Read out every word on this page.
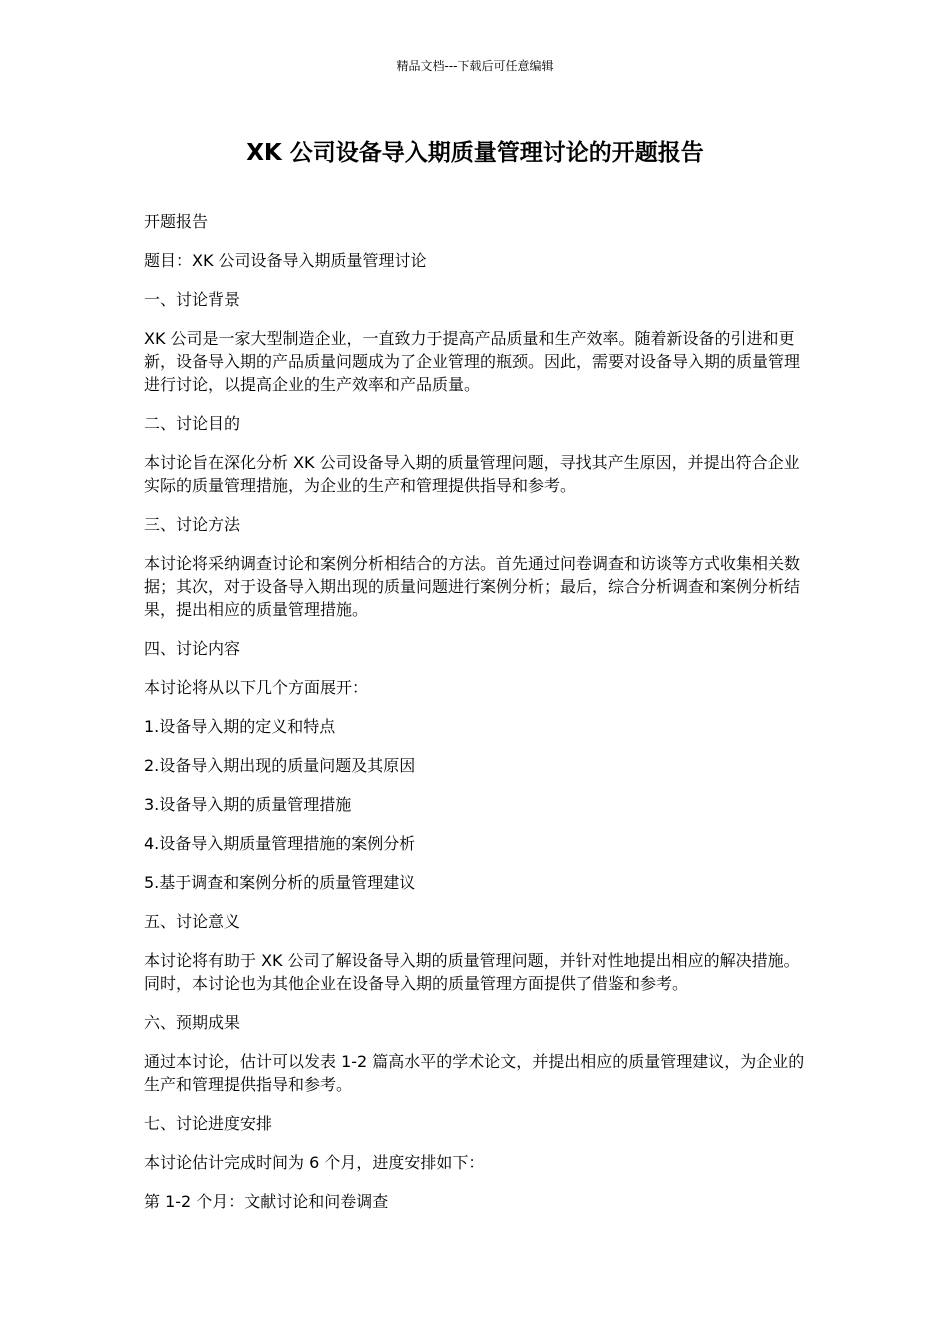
精品文档---下载后可任意编辑
XK 公司设备导入期质量管理讨论的开题报告

开题报告

题目：XK 公司设备导入期质量管理讨论

一、讨论背景

XK 公司是一家大型制造企业，一直致力于提高产品质量和生产效率。随着新设备的引进和更新，设备导入期的产品质量问题成为了企业管理的瓶颈。因此，需要对设备导入期的质量管理进行讨论，以提高企业的生产效率和产品质量。

二、讨论目的

本讨论旨在深化分析 XK 公司设备导入期的质量管理问题，寻找其产生原因，并提出符合企业实际的质量管理措施，为企业的生产和管理提供指导和参考。

三、讨论方法

本讨论将采纳调查讨论和案例分析相结合的方法。首先通过问卷调查和访谈等方式收集相关数据；其次，对于设备导入期出现的质量问题进行案例分析；最后，综合分析调查和案例分析结果，提出相应的质量管理措施。

四、讨论内容

本讨论将从以下几个方面展开：

1.设备导入期的定义和特点

2.设备导入期出现的质量问题及其原因

3.设备导入期的质量管理措施

4.设备导入期质量管理措施的案例分析

5.基于调查和案例分析的质量管理建议

五、讨论意义

本讨论将有助于 XK 公司了解设备导入期的质量管理问题，并针对性地提出相应的解决措施。同时，本讨论也为其他企业在设备导入期的质量管理方面提供了借鉴和参考。

六、预期成果

通过本讨论，估计可以发表 1-2 篇高水平的学术论文，并提出相应的质量管理建议，为企业的生产和管理提供指导和参考。

七、讨论进度安排

本讨论估计完成时间为 6 个月，进度安排如下：

第 1-2 个月：文献讨论和问卷调查
